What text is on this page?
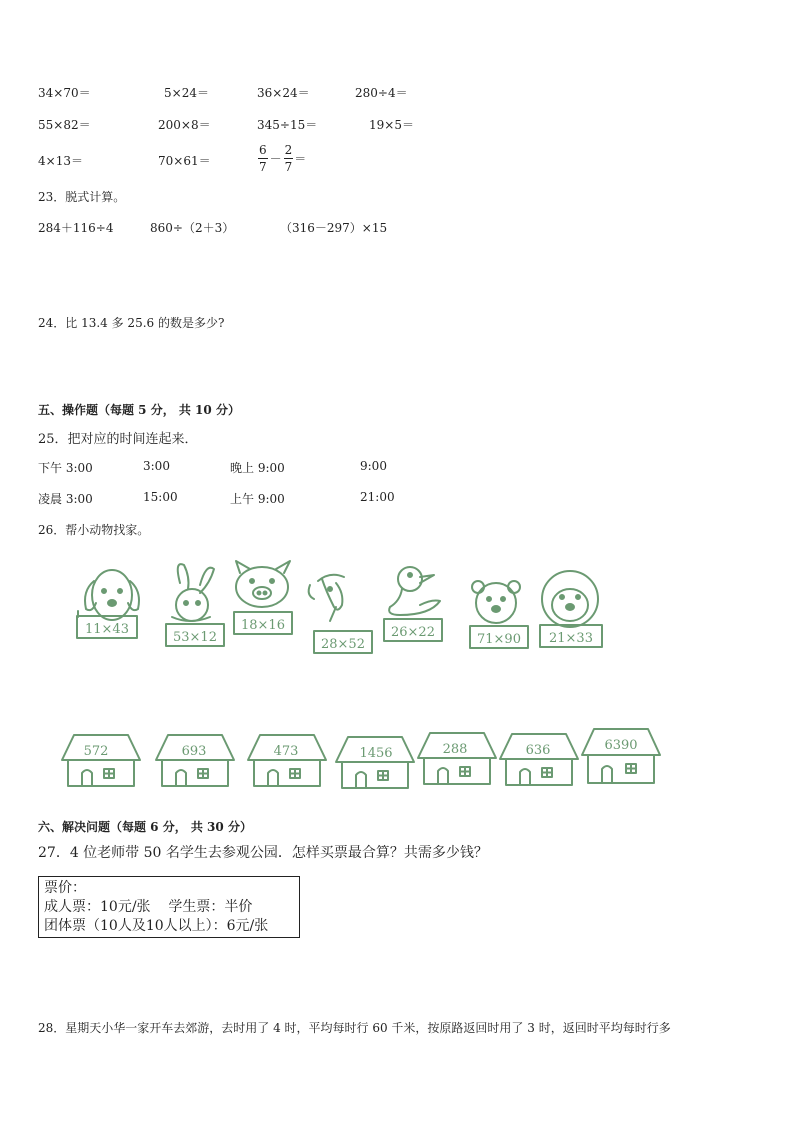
34×70＝	5×24＝	36×24＝	280÷4＝
55×82＝	200×8＝	345÷15＝	19×5＝
4×13＝	70×61＝	$\frac{6}{7} - \frac{2}{7}$ ＝
23．脱式计算。
284＋116÷4	860÷（2＋3）	（316－297）×15
24．比 13.4 多 25.6 的数是多少?
五、操作题（每题 5 分， 共 10 分）
25．把对应的时间连起来．
下午 3:00	3:00	晚上 9:00	9:00
凌晨 3:00	15:00	上午 9:00	21:00
26．帮小动物找家。
11×43
53×12
18×16
28×52
26×22	71×90 21×33
572	693	473	1456	288	636	6390
六、解决问题（每题 6 分， 共 30 分）
27．4 位老师带 50 名学生去参观公园．怎样买票最合算？共需多少钱？
票价：
成人票：10元/张    学生票：半价
团体票（10人及10人以上）：6元/张
28．星期天小华一家开车去郊游，去时用了 4 时，平均每时行 60 千米，按原路返回时用了 3 时，返回时平均每时行多
